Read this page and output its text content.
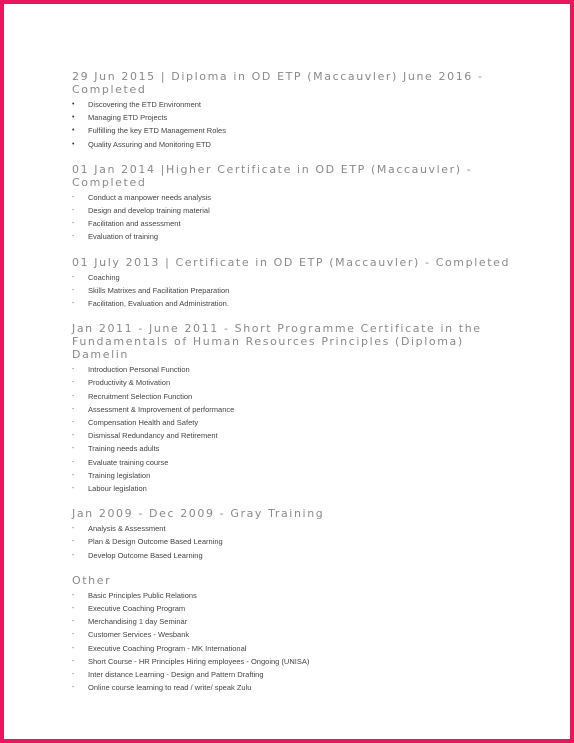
29 Jun 2015 | Diploma in OD ETP (Maccauvler) June 2016 - Completed
• Discovering the ETD Environment
• Managing ETD Projects
• Fulfilling the key ETD Management Roles
• Quality Assuring and Monitoring ETD
01 Jan 2014 |Higher Certificate in OD ETP (Maccauvler) - Completed
- Conduct a manpower needs analysis
- Design and develop training material
- Facilitation and assessment
- Evaluation of training
01 July 2013 | Certificate in OD ETP (Maccauvler) - Completed
- Coaching
- Skills Matrixes and Facilitation Preparation
- Facilitation, Evaluation and Administration.
Jan 2011 - June 2011 - Short Programme Certificate in the Fundamentals of Human Resources Principles (Diploma) Damelin
- Introduction Personal Function
- Productivity & Motivation
- Recruitment Selection Function
- Assessment & Improvement of performance
- Compensation Health and Safety
- Dismissal Redundancy and Retirement
- Training needs adults
- Evaluate training course
- Training legislation
- Labour legislation
Jan 2009 - Dec 2009 - Gray Training
- Analysis & Assessment
- Plan & Design Outcome Based Learning
- Develop Outcome Based Learning
Other
- Basic Principles Public Relations
- Executive Coaching Program
- Merchandising 1 day Seminar
- Customer Services - Wesbank
- Executive Coaching Program - MK International
- Short Course - HR Principles Hiring employees - Ongoing (UNISA)
- Inter distance Learning - Design and Pattern Drafting
- Online course learning to read / write/ speak Zulu
